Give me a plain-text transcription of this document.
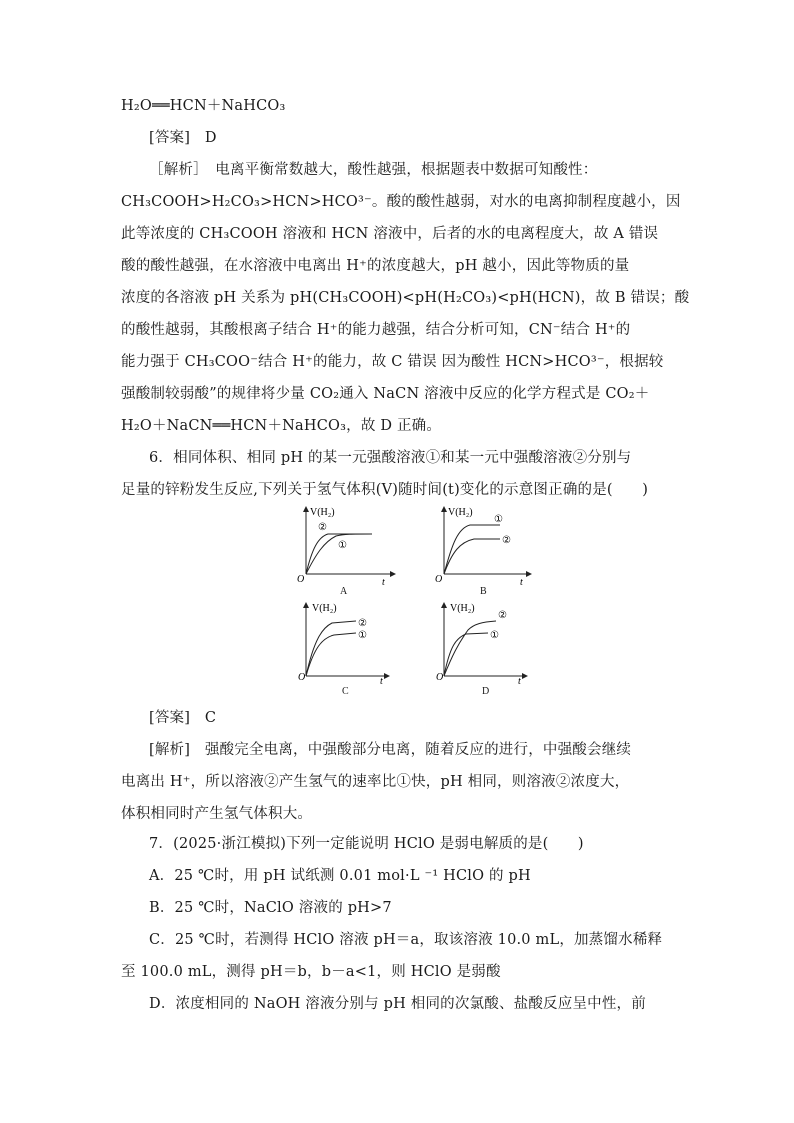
H₂O══HCN＋NaHCO₃
[答案]　D
［解析］　电离平衡常数越大，酸性越强，根据题表中数据可知酸性：
CH₃COOH>H₂CO₃>HCN>HCO³⁻。酸的酸性越弱，对水的电离抑制程度越小，因
此等浓度的 CH₃COOH 溶液和 HCN 溶液中，后者的水的电离程度大，故 A 错误
酸的酸性越强，在水溶液中电离出 H⁺的浓度越大，pH 越小，因此等物质的量
浓度的各溶液 pH 关系为 pH(CH₃COOH)<pH(H₂CO₃)<pH(HCN)，故 B 错误；酸
的酸性越弱，其酸根离子结合 H⁺的能力越强，结合分析可知，CN⁻结合 H⁺的
能力强于 CH₃COO⁻结合 H⁺的能力，故 C 错误 因为酸性 HCN>HCO³⁻，根据较
强酸制较弱酸”的规律将少量 CO₂通入 NaCN 溶液中反应的化学方程式是 CO₂＋
H₂O＋NaCN══HCN＋NaHCO₃，故 D 正确。
6．相同体积、相同 pH 的某一元强酸溶液①和某一元中强酸溶液②分别与
足量的锌粉发生反应,下列关于氢气体积(V)随时间(t)变化的示意图正确的是(　　)
V(H₂)
O	t
②
①
A
V(H₂)
O	t
①
②
B
V(H₂)
O	t
②
①
C
V(H₂)
O	t
②
①
D
[答案]　C
[解析]　强酸完全电离，中强酸部分电离，随着反应的进行，中强酸会继续
电离出 H⁺，所以溶液②产生氢气的速率比①快，pH 相同，则溶液②浓度大，
体积相同时产生氢气体积大。
7．(2025·浙江模拟)下列一定能说明 HClO 是弱电解质的是(　　)
A．25 ℃时，用 pH 试纸测 0.01 mol·L ⁻¹ HClO 的 pH
B．25 ℃时，NaClO 溶液的 pH>7
C．25 ℃时，若测得 HClO 溶液 pH＝a，取该溶液 10.0 mL，加蒸馏水稀释
至 100.0 mL，测得 pH＝b，b－a<1，则 HClO 是弱酸
D．浓度相同的 NaOH 溶液分别与 pH 相同的次氯酸、盐酸反应呈中性，前
